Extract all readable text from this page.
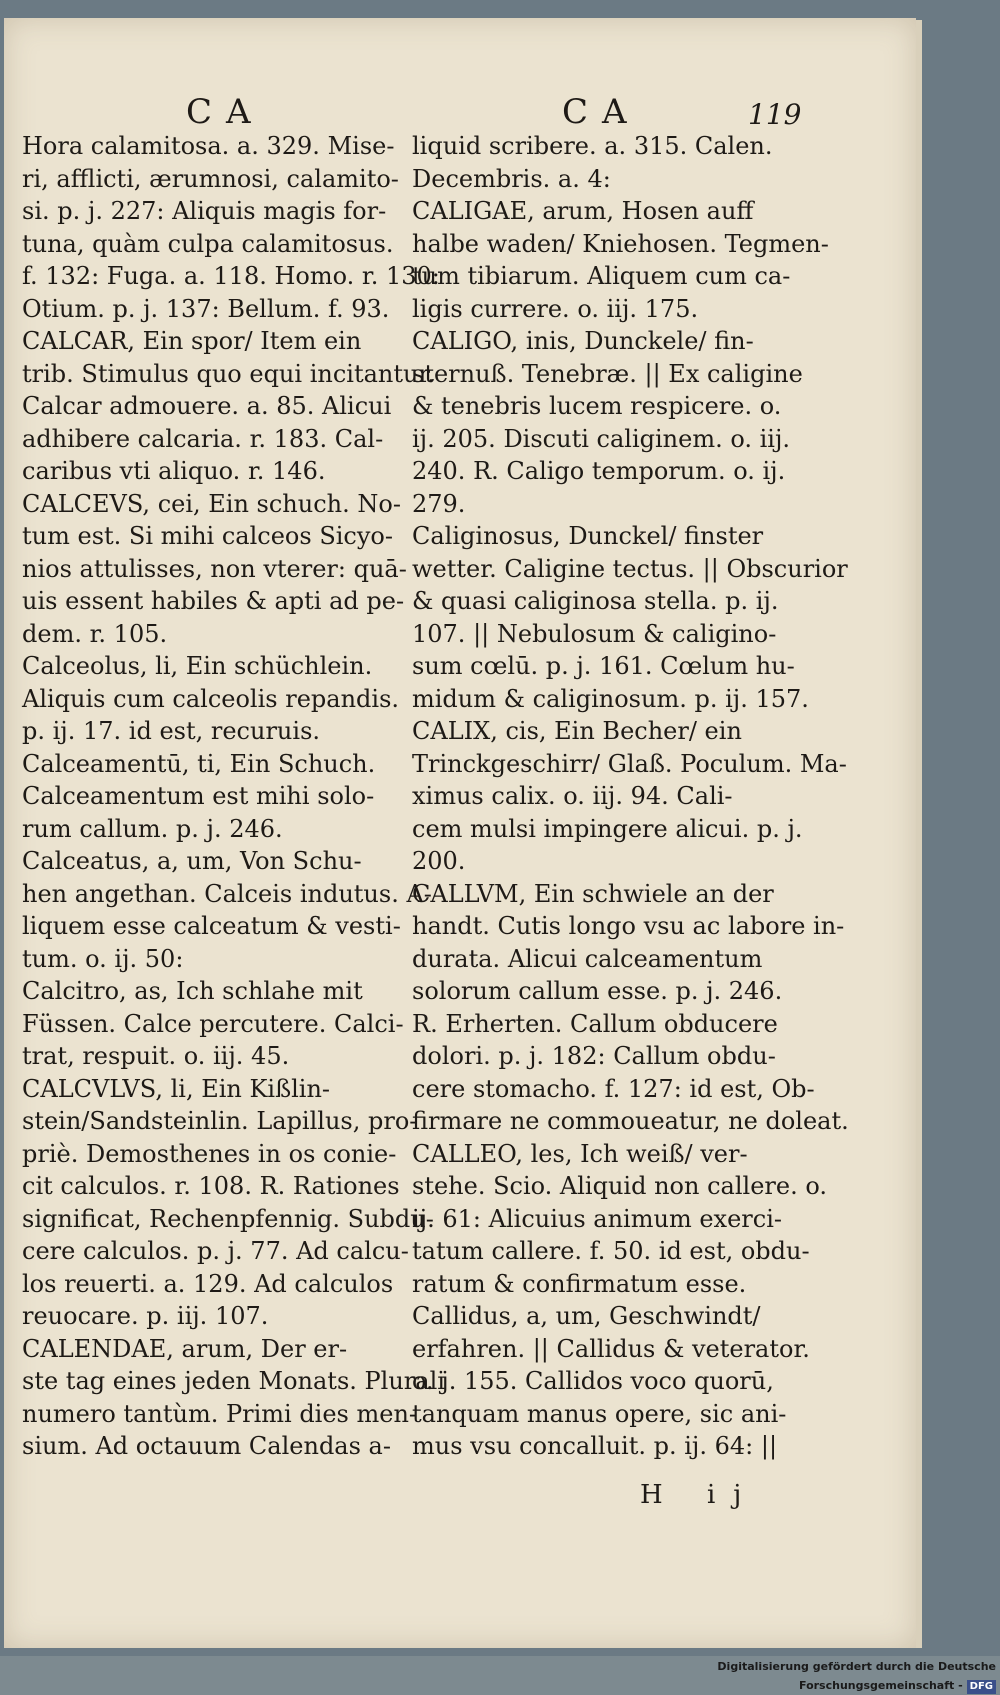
CA	CA	119
Hora calamitosa. a. 329. Mise-
ri, afflicti, ærumnosi, calamito-
si. p. j. 227: Aliquis magis for-
tuna, quàm culpa calamitosus.
f. 132: Fuga. a. 118. Homo. r. 130:
Otium. p. j. 137: Bellum. f. 93.
CALCAR, Ein spor/ Item ein
trib. Stimulus quo equi incitantur.
Calcar admouere. a. 85. Alicui
adhibere calcaria. r. 183. Cal-
caribus vti aliquo. r. 146.
CALCEVS, cei, Ein schuch. No-
tum est. Si mihi calceos Sicyo-
nios attulisses, non vterer: quā-
uis essent habiles & apti ad pe-
dem. r. 105.
Calceolus, li, Ein schüchlein.
Aliquis cum calceolis repandis.
p. ij. 17. id est, recuruis.
Calceamentū, ti, Ein Schuch.
Calceamentum est mihi solo-
rum callum. p. j. 246.
Calceatus, a, um, Von Schu-
hen angethan. Calceis indutus. A-
liquem esse calceatum & vesti-
tum. o. ij. 50:
Calcitro, as, Ich schlahe mit
Füssen. Calce percutere. Calci-
trat, respuit. o. iij. 45.
CALCVLVS, li, Ein Kißlin-
stein/Sandsteinlin. Lapillus, pro-
priè. Demosthenes in os conie-
cit calculos. r. 108. R. Rationes
significat, Rechenpfennig. Subdu-
cere calculos. p. j. 77. Ad calcu-
los reuerti. a. 129. Ad calculos
reuocare. p. iij. 107.
CALENDAE, arum, Der er-
ste tag eines jeden Monats. Plurali
numero tantùm. Primi dies men-
sium. Ad octauum Calendas a-
liquid scribere. a. 315. Calen.
Decembris. a. 4:
CALIGAE, arum, Hosen auff
halbe waden/ Kniehosen. Tegmen-
tum tibiarum. Aliquem cum ca-
ligis currere. o. iij. 175.
CALIGO, inis, Dunckele/ fin-
sternuß. Tenebræ. || Ex caligine
& tenebris lucem respicere. o.
ij. 205. Discuti caliginem. o. iij.
240. R. Caligo temporum. o. ij.
279.
Caliginosus, Dunckel/ finster
wetter. Caligine tectus. || Obscurior
& quasi caliginosa stella. p. ij.
107. || Nebulosum & caligino-
sum cœlū. p. j. 161. Cœlum hu-
midum & caliginosum. p. ij. 157.
CALIX, cis, Ein Becher/ ein
Trinckgeschirr/ Glaß. Poculum. Ma-
ximus calix. o. iij. 94. Cali-
cem mulsi impingere alicui. p. j.
200.
CALLVM, Ein schwiele an der
handt. Cutis longo vsu ac labore in-
durata. Alicui calceamentum
solorum callum esse. p. j. 246.
R. Erherten. Callum obducere
dolori. p. j. 182: Callum obdu-
cere stomacho. f. 127: id est, Ob-
firmare ne commoueatur, ne doleat.
CALLEO, les, Ich weiß/ ver-
stehe. Scio. Aliquid non callere. o.
ij. 61: Alicuius animum exerci-
tatum callere. f. 50. id est, obdu-
ratum & confirmatum esse.
Callidus, a, um, Geschwindt/
erfahren. || Callidus & veterator.
o. j. 155. Callidos voco quorū,
tanquam manus opere, sic ani-
mus vsu concalluit. p. ij. 64: ||
H ij
Digitalisierung gefördert durch die Deutsche Forschungsgemeinschaft - DFG
